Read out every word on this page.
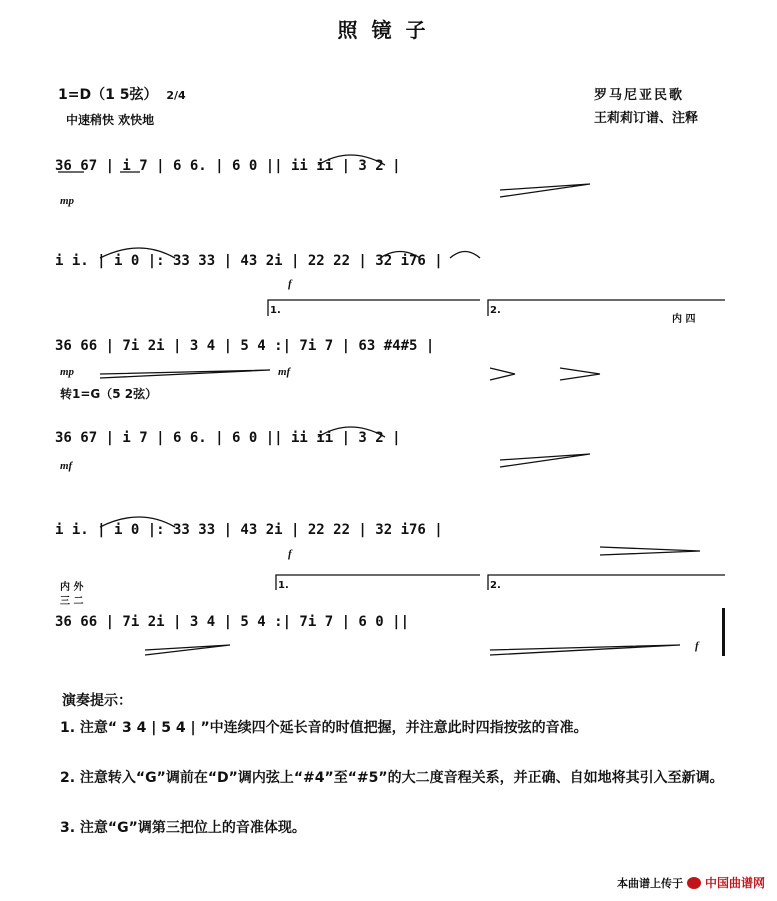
照镜子
1=D（1 5弦） 2/4
中速稍快 欢快地
罗马尼亚民歌
王莉莉订谱、注释
36 67 | i 7 | 6 6. | 6 0 || ii ii | 3 2 |
mp
i i. | i 0 |: 33 33 | 43 2i | 22 22 | 32 i76 |
f
1.	2.
内 四
36 66 | 7i 2i | 3 4 | 5 4 :| 7i 7 | 63 #4#5 |
mp	mf
转1=G（5 2弦）
36 67 | i 7 | 6 6. | 6 0 || ii ii | 3 2 |
mf
i i. | i 0 |: 33 33 | 43 2i | 22 22 | 32 i76 |
f
内 外
三 二
1.	2.
36 66 | 7i 2i | 3 4 | 5 4 :| 7i 7 | 6 0 ||
f
演奏提示：
1. 注意“ 3 4 | 5 4 | ”中连续四个延长音的时值把握，并注意此时四指按弦的音准。
2. 注意转入“G”调前在“D”调内弦上“#4”至“#5”的大二度音程关系，并正确、自如地将其引入至新调。
3. 注意“G”调第三把位上的音准体现。
本曲谱上传于 中国曲谱网
